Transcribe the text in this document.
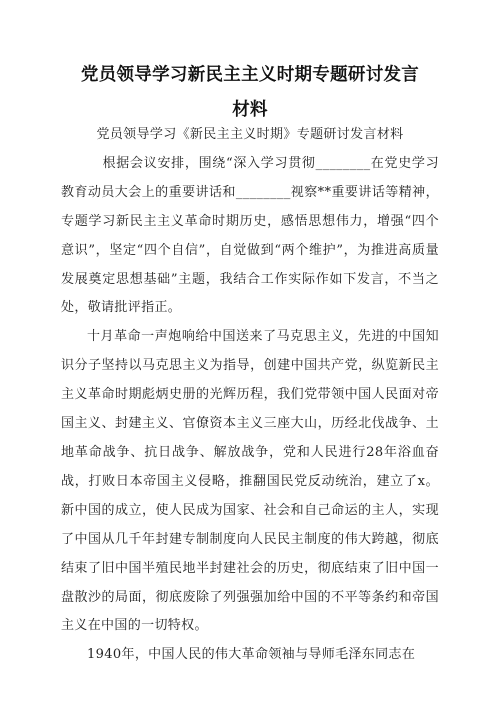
党员领导学习新民主主义时期专题研讨发言
材料

党员领导学习《新民主主义时期》专题研讨发言材料

根据会议安排，围绕“深入学习贯彻________在党史学习教育动员大会上的重要讲话和________视察**重要讲话等精神，专题学习新民主主义革命时期历史，感悟思想伟力，增强“四个意识”，坚定“四个自信”，自觉做到“两个维护”，为推进高质量发展奠定思想基础”主题，我结合工作实际作如下发言，不当之处，敬请批评指正。

十月革命一声炮响给中国送来了马克思主义，先进的中国知识分子坚持以马克思主义为指导，创建中国共产党，纵览新民主主义革命时期彪炳史册的光辉历程，我们党带领中国人民面对帝国主义、封建主义、官僚资本主义三座大山，历经北伐战争、土地革命战争、抗日战争、解放战争，党和人民进行28年浴血奋战，打败日本帝国主义侵略，推翻国民党反动统治，建立了x。新中国的成立，使人民成为国家、社会和自己命运的主人，实现了中国从几千年封建专制制度向人民民主制度的伟大跨越，彻底结束了旧中国半殖民地半封建社会的历史，彻底结束了旧中国一盘散沙的局面，彻底废除了列强强加给中国的不平等条约和帝国主义在中国的一切特权。

1940年，中国人民的伟大革命领袖与导师毛泽东同志在
